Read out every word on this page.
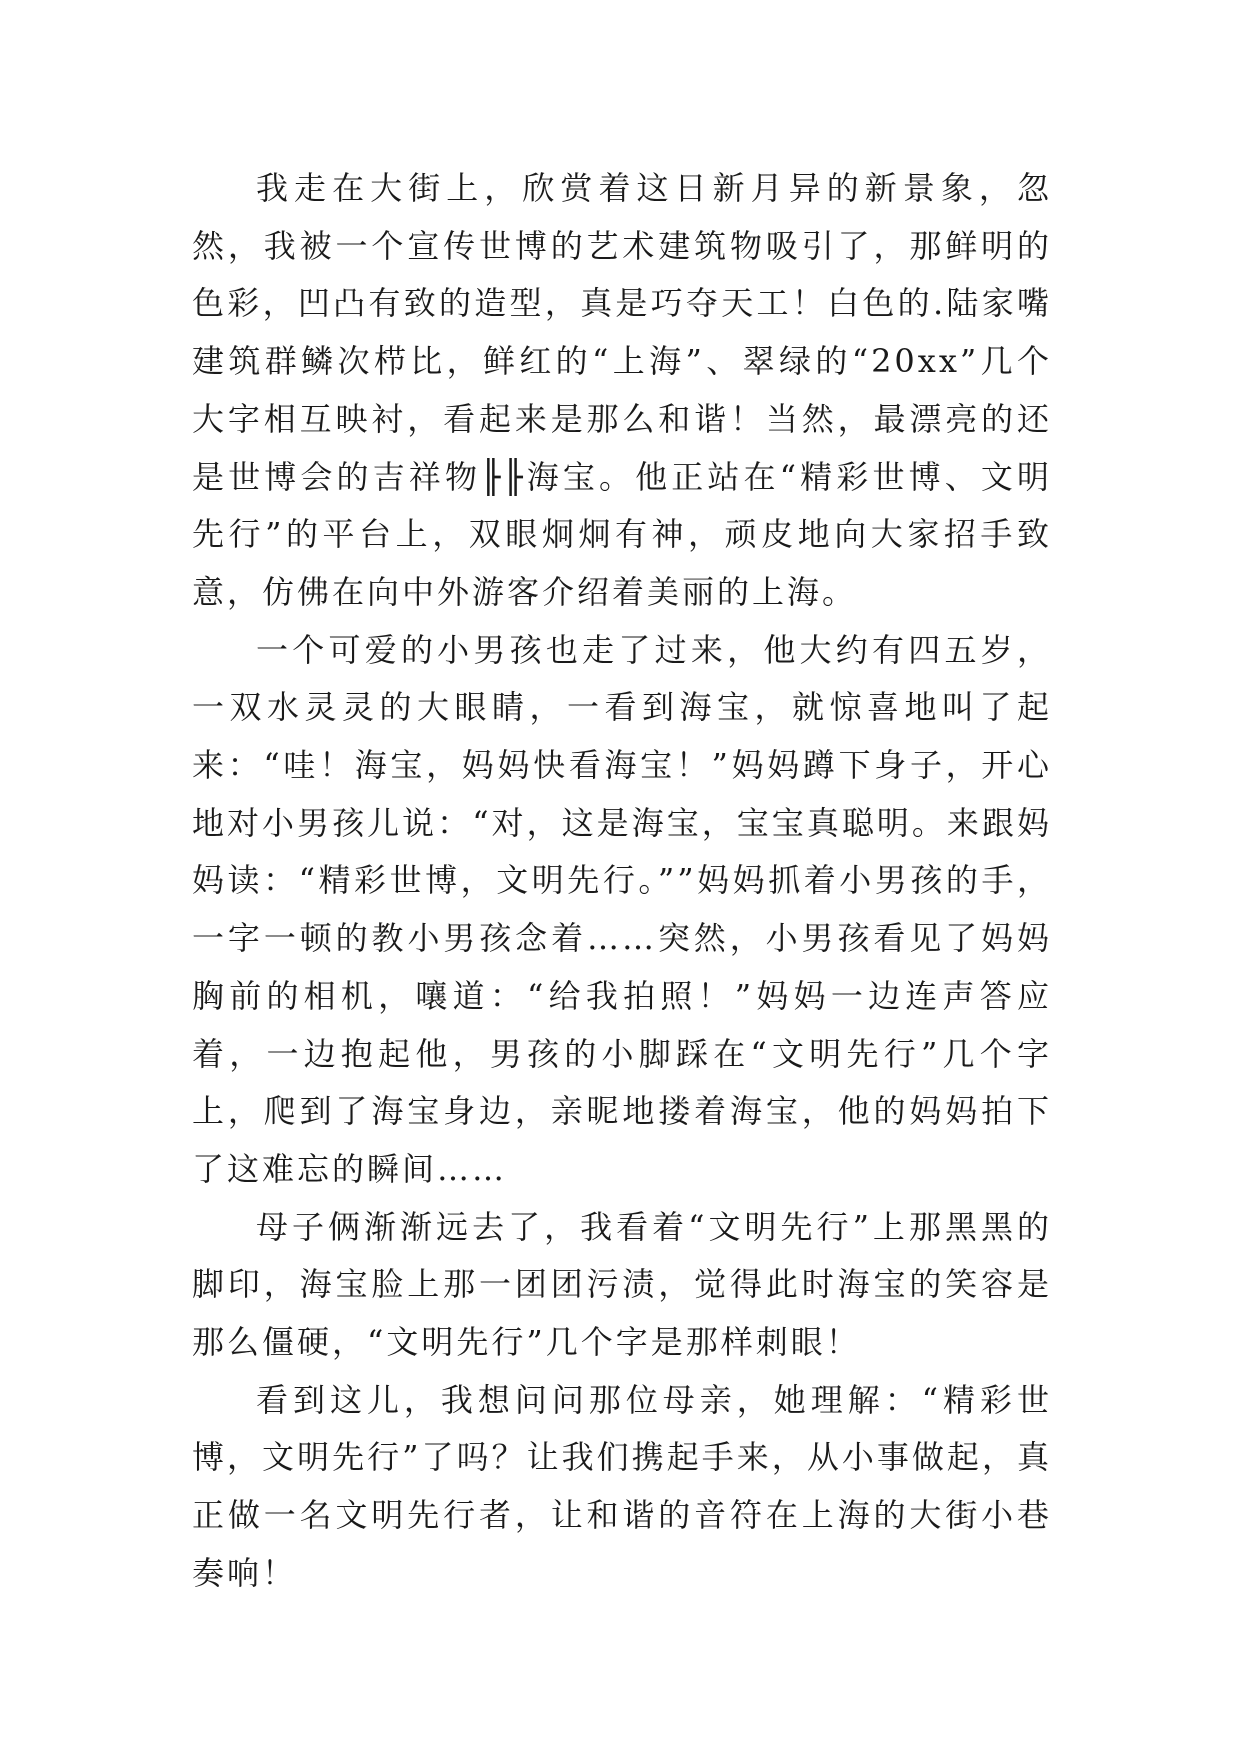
我走在大街上，欣赏着这日新月异的新景象，忽然，我被一个宣传世博的艺术建筑物吸引了，那鲜明的色彩，凹凸有致的造型，真是巧夺天工！白色的.陆家嘴建筑群鳞次栉比，鲜红的“上海”、翠绿的“20xx”几个大字相互映衬，看起来是那么和谐！当然，最漂亮的还是世博会的吉祥物╟╟海宝。他正站在“精彩世博、文明先行”的平台上，双眼炯炯有神，顽皮地向大家招手致意，仿佛在向中外游客介绍着美丽的上海。

一个可爱的小男孩也走了过来，他大约有四五岁，一双水灵灵的大眼睛，一看到海宝，就惊喜地叫了起来：“哇！海宝，妈妈快看海宝！”妈妈蹲下身子，开心地对小男孩儿说：“对，这是海宝，宝宝真聪明。来跟妈妈读：“精彩世博，文明先行。””妈妈抓着小男孩的手，一字一顿的教小男孩念着……突然，小男孩看见了妈妈胸前的相机，嚷道：“给我拍照！”妈妈一边连声答应着，一边抱起他，男孩的小脚踩在“文明先行”几个字上，爬到了海宝身边，亲昵地搂着海宝，他的妈妈拍下了这难忘的瞬间……

母子俩渐渐远去了，我看着“文明先行”上那黑黑的脚印，海宝脸上那一团团污渍，觉得此时海宝的笑容是那么僵硬，“文明先行”几个字是那样刺眼！

看到这儿，我想问问那位母亲，她理解：“精彩世博，文明先行”了吗？让我们携起手来，从小事做起，真正做一名文明先行者，让和谐的音符在上海的大街小巷奏响！
